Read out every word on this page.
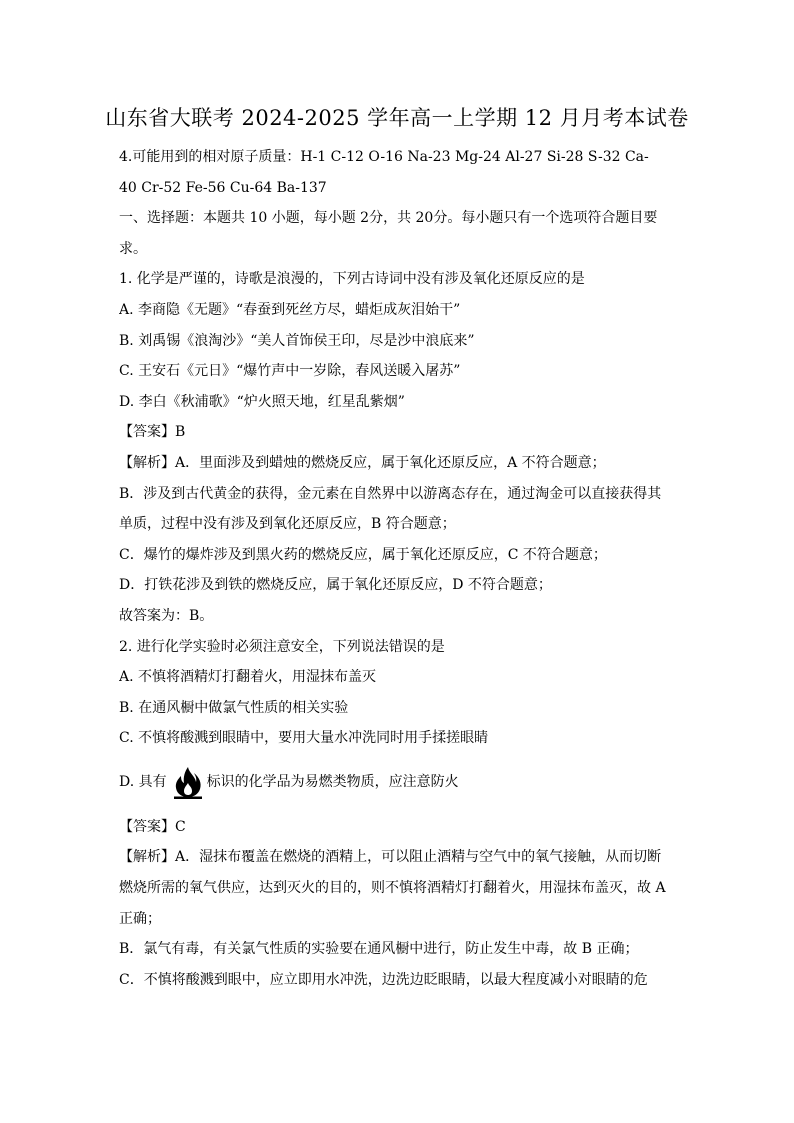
山东省大联考 2024-2025 学年高一上学期 12 月月考本试卷
4.可能用到的相对原子质量：H-1 C-12 O-16 Na-23 Mg-24 Al-27 Si-28 S-32 Ca-
40 Cr-52 Fe-56 Cu-64 Ba-137
一、选择题：本题共 10 小题，每小题 2分，共 20分。每小题只有一个选项符合题目要
求。
1. 化学是严谨的，诗歌是浪漫的，下列古诗词中没有涉及氧化还原反应的是
A. 李商隐《无题》“春蚕到死丝方尽，蜡炬成灰泪始干”
B. 刘禹锡《浪淘沙》“美人首饰侯王印，尽是沙中浪底来”
C. 王安石《元日》“爆竹声中一岁除，春风送暖入屠苏”
D. 李白《秋浦歌》“炉火照天地，红星乱紫烟”
【答案】B
【解析】A．里面涉及到蜡烛的燃烧反应，属于氧化还原反应，A 不符合题意；
B．涉及到古代黄金的获得，金元素在自然界中以游离态存在，通过淘金可以直接获得其
单质，过程中没有涉及到氧化还原反应，B 符合题意；
C．爆竹的爆炸涉及到黑火药的燃烧反应，属于氧化还原反应，C 不符合题意；
D．打铁花涉及到铁的燃烧反应，属于氧化还原反应，D 不符合题意；
故答案为：B。
2. 进行化学实验时必须注意安全，下列说法错误的是
A. 不慎将酒精灯打翻着火，用湿抹布盖灭
B. 在通风橱中做氯气性质的相关实验
C. 不慎将酸溅到眼睛中，要用大量水冲洗同时用手揉搓眼睛
D. 具有	标识的化学品为易燃类物质，应注意防火
【答案】C
【解析】A．湿抹布覆盖在燃烧的酒精上，可以阻止酒精与空气中的氧气接触，从而切断
燃烧所需的氧气供应，达到灭火的目的，则不慎将酒精灯打翻着火，用湿抹布盖灭，故 A
正确；
B．氯气有毒，有关氯气性质的实验要在通风橱中进行，防止发生中毒，故 B 正确；
C．不慎将酸溅到眼中，应立即用水冲洗，边洗边眨眼睛，以最大程度减小对眼睛的危
